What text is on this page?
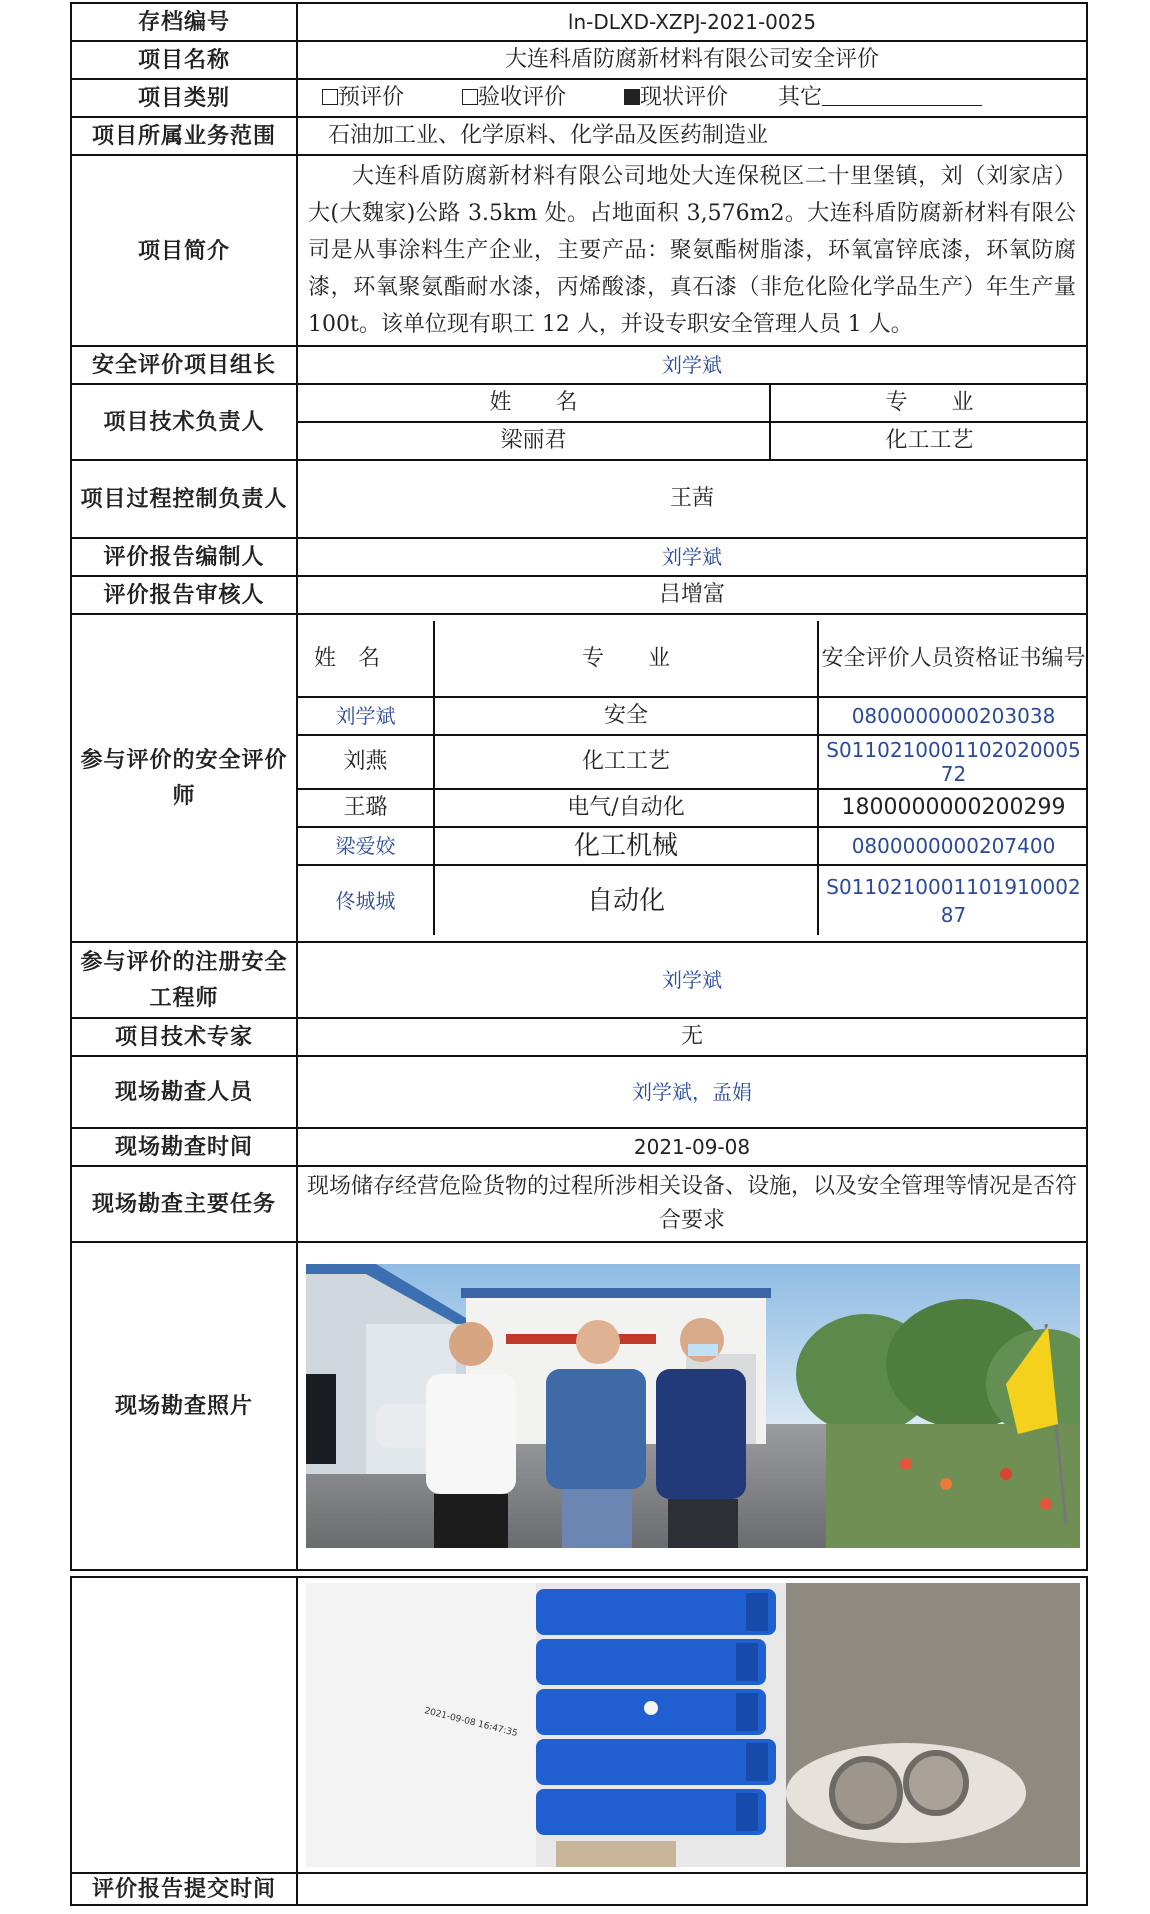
存档编号	ln-DLXD-XZPJ-2021-0025
项目名称	大连科盾防腐新材料有限公司安全评价
项目类别	预评价	验收评价	现状评价 其它
项目所属业务范围	石油加工业、化学原料、化学品及医药制造业
项目简介	大连科盾防腐新材料有限公司地处大连保税区二十里堡镇，刘（刘家店）大(大魏家)公路 3.5km 处。占地面积 3,576m2。大连科盾防腐新材料有限公司是从事涂料生产企业，主要产品：聚氨酯树脂漆，环氧富锌底漆，环氧防腐漆，环氧聚氨酯耐水漆，丙烯酸漆，真石漆（非危化险化学品生产）年生产量 100t。该单位现有职工 12 人，并设专职安全管理人员 1 人。
安全评价项目组长	刘学斌
项目技术负责人	
姓　　名	专　　业
梁丽君	化工工艺

项目过程控制负责人	王茜
评价报告编制人	刘学斌
评价报告审核人	吕增富
参与评价的安全评价师	
姓　名	专　　业	安全评价人员资格证书编号
刘学斌	安全	0800000000203038
刘燕	化工工艺	S011021000110202000572
王璐	电气/自动化	1800000000200299
梁爱姣	化工机械	0800000000207400
佟城城	自动化	S011021000110191000287

参与评价的注册安全工程师	刘学斌
项目技术专家	无
现场勘查人员	刘学斌，孟娟
现场勘查时间	2021-09-08
现场勘查主要任务	现场储存经营危险货物的过程所涉相关设备、设施，以及安全管理等情况是否符合要求
现场勘查照片	

2021-09-08 16:47:35

评价报告提交时间	
